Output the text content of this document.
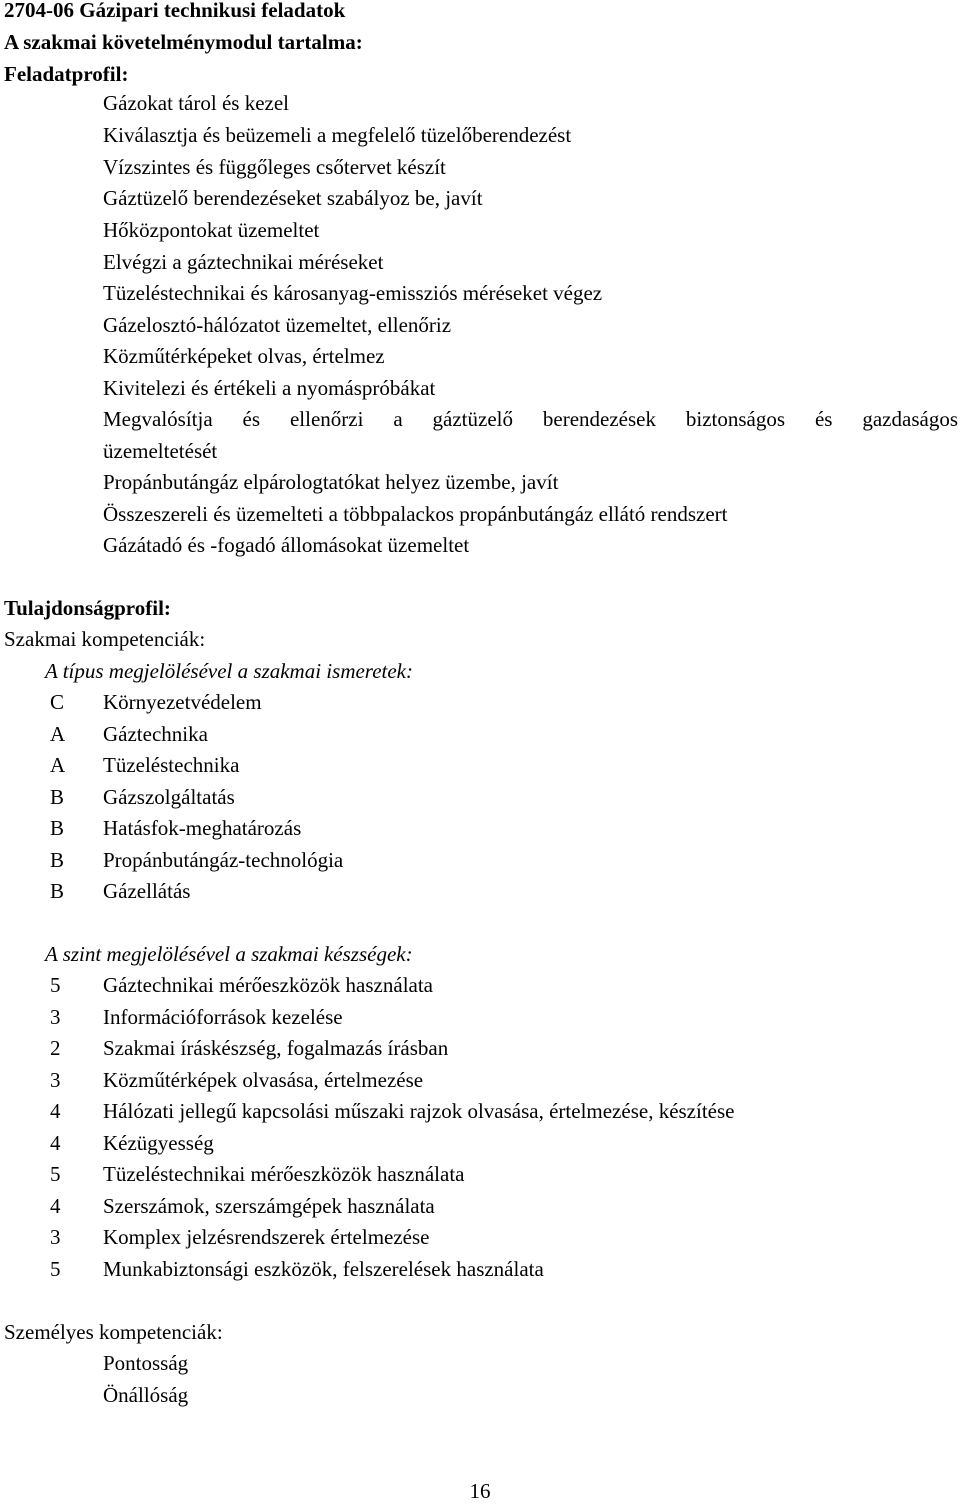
2704-06 Gázipari technikusi feladatok
A szakmai követelménymodul tartalma:
Feladatprofil:
Gázokat tárol és kezel
Kiválasztja és beüzemeli a megfelelő tüzelőberendezést
Vízszintes és függőleges csőtervet készít
Gáztüzelő berendezéseket szabályoz be, javít
Hőközpontokat üzemeltet
Elvégzi a gáztechnikai méréseket
Tüzeléstechnikai és károsanyag-emissziós méréseket végez
Gázelosztó-hálózatot üzemeltet, ellenőriz
Közműtérképeket olvas, értelmez
Kivitelezi és értékeli a nyomáspróbákat
Megvalósítja és ellenőrzi a gáztüzelő berendezések biztonságos és gazdaságos
üzemeltetését
Propánbutángáz elpárologtatókat helyez üzembe, javít
Összeszereli és üzemelteti a többpalackos propánbutángáz ellátó rendszert
Gázátadó és -fogadó állomásokat üzemeltet
Tulajdonságprofil:
Szakmai kompetenciák:
A típus megjelölésével a szakmai ismeretek:
C	Környezetvédelem
A	Gáztechnika
A	Tüzeléstechnika
B	Gázszolgáltatás
B	Hatásfok-meghatározás
B	Propánbutángáz-technológia
B	Gázellátás
A szint megjelölésével a szakmai készségek:
5	Gáztechnikai mérőeszközök használata
3	Információforrások kezelése
2	Szakmai íráskészség, fogalmazás írásban
3	Közműtérképek olvasása, értelmezése
4	Hálózati jellegű kapcsolási műszaki rajzok olvasása, értelmezése, készítése
4	Kézügyesség
5	Tüzeléstechnikai mérőeszközök használata
4	Szerszámok, szerszámgépek használata
3	Komplex jelzésrendszerek értelmezése
5	Munkabiztonsági eszközök, felszerelések használata
Személyes kompetenciák:
Pontosság
Önállóság
16
